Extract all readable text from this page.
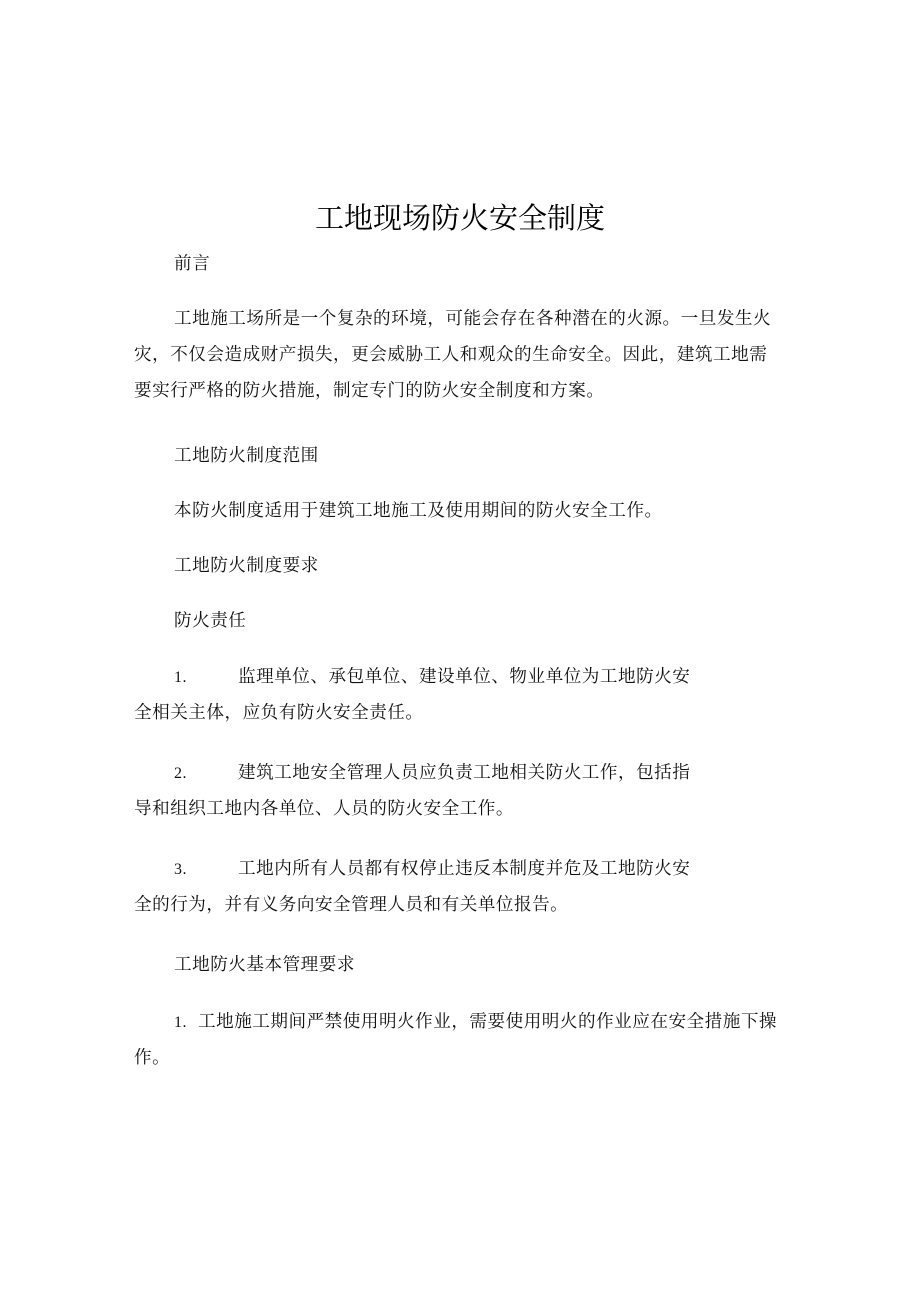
工地现场防火安全制度
前言
工地施工场所是一个复杂的环境，可能会存在各种潜在的火源。一旦发生火
灾，不仅会造成财产损失，更会威胁工人和观众的生命安全。因此，建筑工地需
要实行严格的防火措施，制定专门的防火安全制度和方案。
工地防火制度范围
本防火制度适用于建筑工地施工及使用期间的防火安全工作。
工地防火制度要求
防火责任
1.	监理单位、承包单位、建设单位、物业单位为工地防火安
全相关主体，应负有防火安全责任。
2.	建筑工地安全管理人员应负责工地相关防火工作，包括指
导和组织工地内各单位、人员的防火安全工作。
3.	工地内所有人员都有权停止违反本制度并危及工地防火安
全的行为，并有义务向安全管理人员和有关单位报告。
工地防火基本管理要求
1. 工地施工期间严禁使用明火作业，需要使用明火的作业应在安全措施下操
作。
